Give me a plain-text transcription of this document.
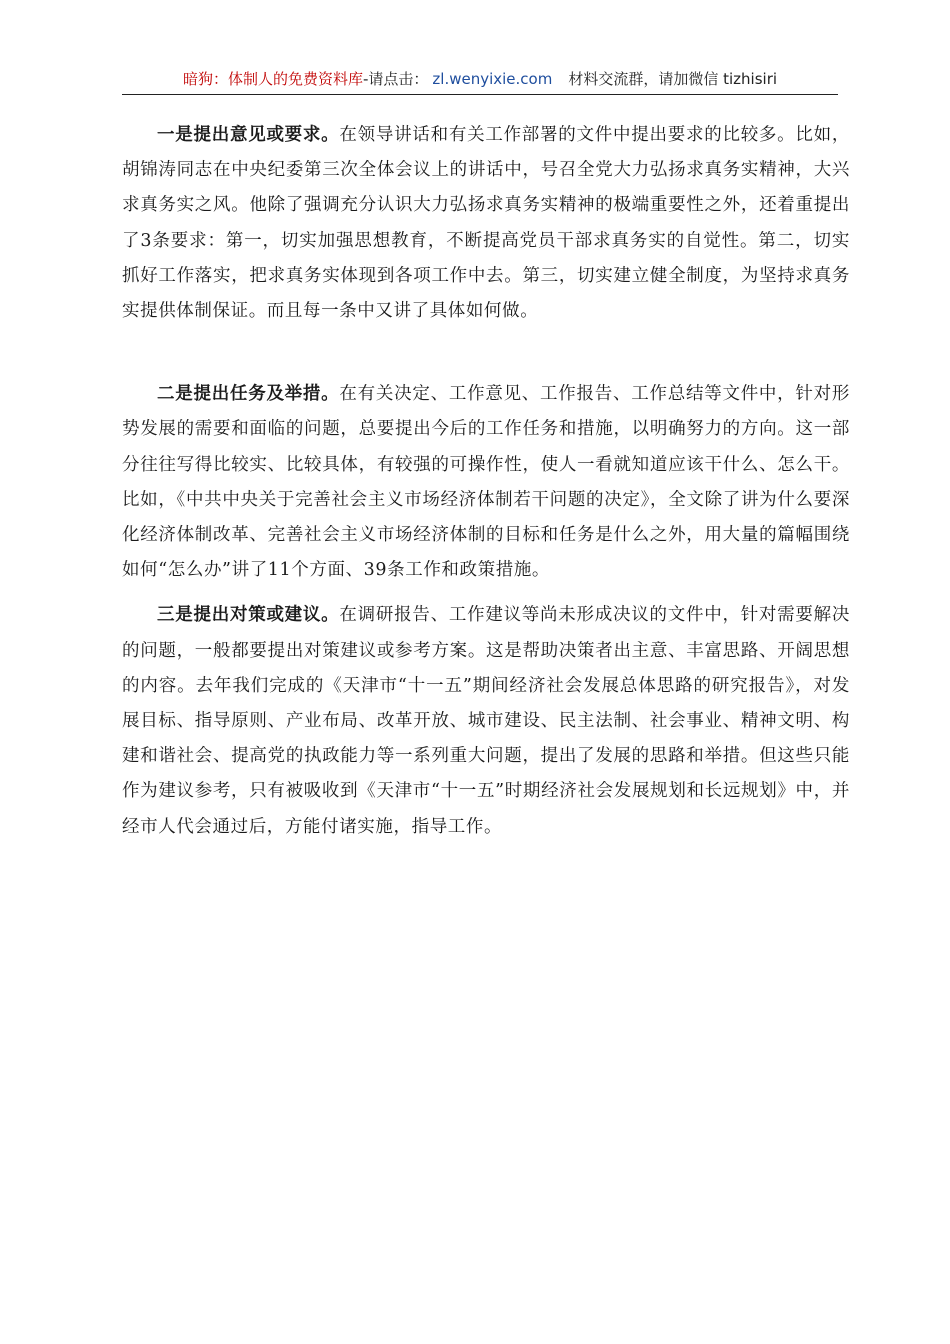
暗狗：体制人的免费资料库-请点击： zl.wenyixie.com 材料交流群，请加微信 tizhisiri

一是提出意见或要求。在领导讲话和有关工作部署的文件中提出要求的比较多。比如，胡锦涛同志在中央纪委第三次全体会议上的讲话中，号召全党大力弘扬求真务实精神，大兴求真务实之风。他除了强调充分认识大力弘扬求真务实精神的极端重要性之外，还着重提出了3条要求：第一，切实加强思想教育，不断提高党员干部求真务实的自觉性。第二，切实抓好工作落实，把求真务实体现到各项工作中去。第三，切实建立健全制度，为坚持求真务实提供体制保证。而且每一条中又讲了具体如何做。

二是提出任务及举措。在有关决定、工作意见、工作报告、工作总结等文件中，针对形势发展的需要和面临的问题，总要提出今后的工作任务和措施，以明确努力的方向。这一部分往往写得比较实、比较具体，有较强的可操作性，使人一看就知道应该干什么、怎么干。比如，《中共中央关于完善社会主义市场经济体制若干问题的决定》，全文除了讲为什么要深化经济体制改革、完善社会主义市场经济体制的目标和任务是什么之外，用大量的篇幅围绕如何“怎么办”讲了11个方面、39条工作和政策措施。

三是提出对策或建议。在调研报告、工作建议等尚未形成决议的文件中，针对需要解决的问题，一般都要提出对策建议或参考方案。这是帮助决策者出主意、丰富思路、开阔思想的内容。去年我们完成的《天津市“十一五”期间经济社会发展总体思路的研究报告》，对发展目标、指导原则、产业布局、改革开放、城市建设、民主法制、社会事业、精神文明、构建和谐社会、提高党的执政能力等一系列重大问题，提出了发展的思路和举措。但这些只能作为建议参考，只有被吸收到《天津市“十一五”时期经济社会发展规划和长远规划》中，并经市人代会通过后，方能付诸实施，指导工作。
